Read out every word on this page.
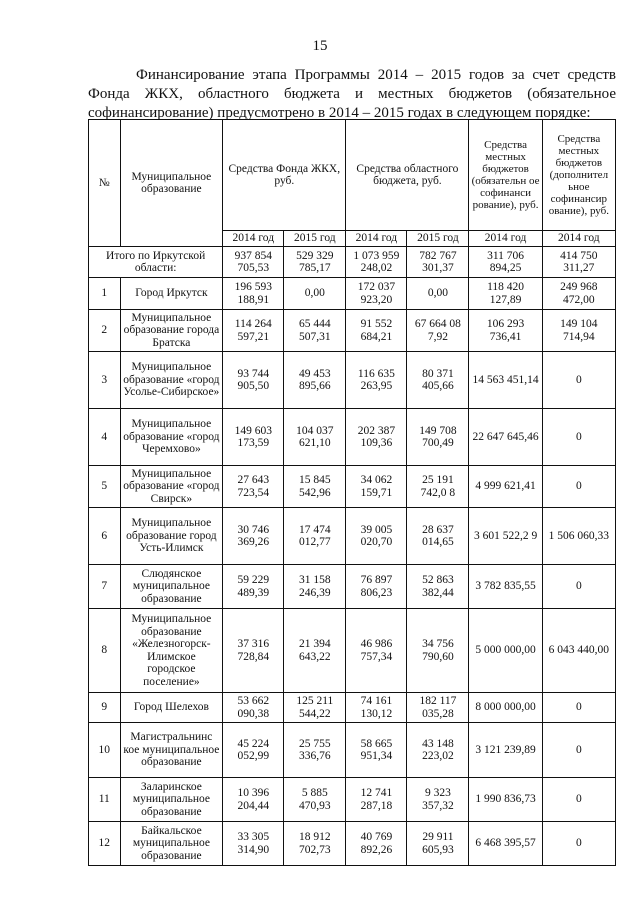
15

Финансирование этапа Программы 2014 – 2015 годов за счет средств Фонда ЖКХ, областного бюджета и местных бюджетов (обязательное софинансирование) предусмотрено в 2014 – 2015 годах в следующем порядке:

№	Муниципальное образование	Средства Фонда ЖКХ, руб.		Средства областного бюджета, руб.		Средства местных бюджетов (обязательн ое софинанси рование), руб.	Средства местных бюджетов (дополнител ьное софинансир ование), руб.
		2014 год	2015 год	2014 год	2015 год	2014 год	2014 год
Итого по Иркутской области:		937 854 705,53	529 329 785,17	1 073 959 248,02	782 767 301,37	311 706 894,25	414 750 311,27
1	Город Иркутск	196 593 188,91	0,00	172 037 923,20	0,00	118 420 127,89	249 968 472,00
2	Муниципальное образование города Братска	114 264 597,21	65 444 507,31	91 552 684,21	67 664 08 7,92	106 293 736,41	149 104 714,94
3	Муниципальное образование «город Усолье-Сибирское»	93 744 905,50	49 453 895,66	116 635 263,95	80 371 405,66	14 563 451,14	0
4	Муниципальное образование «город Черемхово»	149 603 173,59	104 037 621,10	202 387 109,36	149 708 700,49	22 647 645,46	0
5	Муниципальное образование «город Свирск»	27 643 723,54	15 845 542,96	34 062 159,71	25 191 742,0 8	4 999 621,41	0
6	Муниципальное образование город Усть-Илимск	30 746 369,26	17 474 012,77	39 005 020,70	28 637 014,65	3 601 522,2 9	1 506 060,33
7	Слюдянское муниципальное образование	59 229 489,39	31 158 246,39	76 897 806,23	52 863 382,44	3 782 835,55	0
8	Муниципальное образование «Железногорск-Илимское городское поселение»	37 316 728,84	21 394 643,22	46 986 757,34	34 756 790,60	5 000 000,00	6 043 440,00
9	Город Шелехов	53 662 090,38	125 211 544,22	74 161 130,12	182 117 035,28	8 000 000,00	0
10	Магистральнинс кое муниципальное образование	45 224 052,99	25 755 336,76	58 665 951,34	43 148 223,02	3 121 239,89	0
11	Заларинское муниципальное образование	10 396 204,44	5 885 470,93	12 741 287,18	9 323 357,32	1 990 836,73	0
12	Байкальское муниципальное образование	33 305 314,90	18 912 702,73	40 769 892,26	29 911 605,93	6 468 395,57	0
